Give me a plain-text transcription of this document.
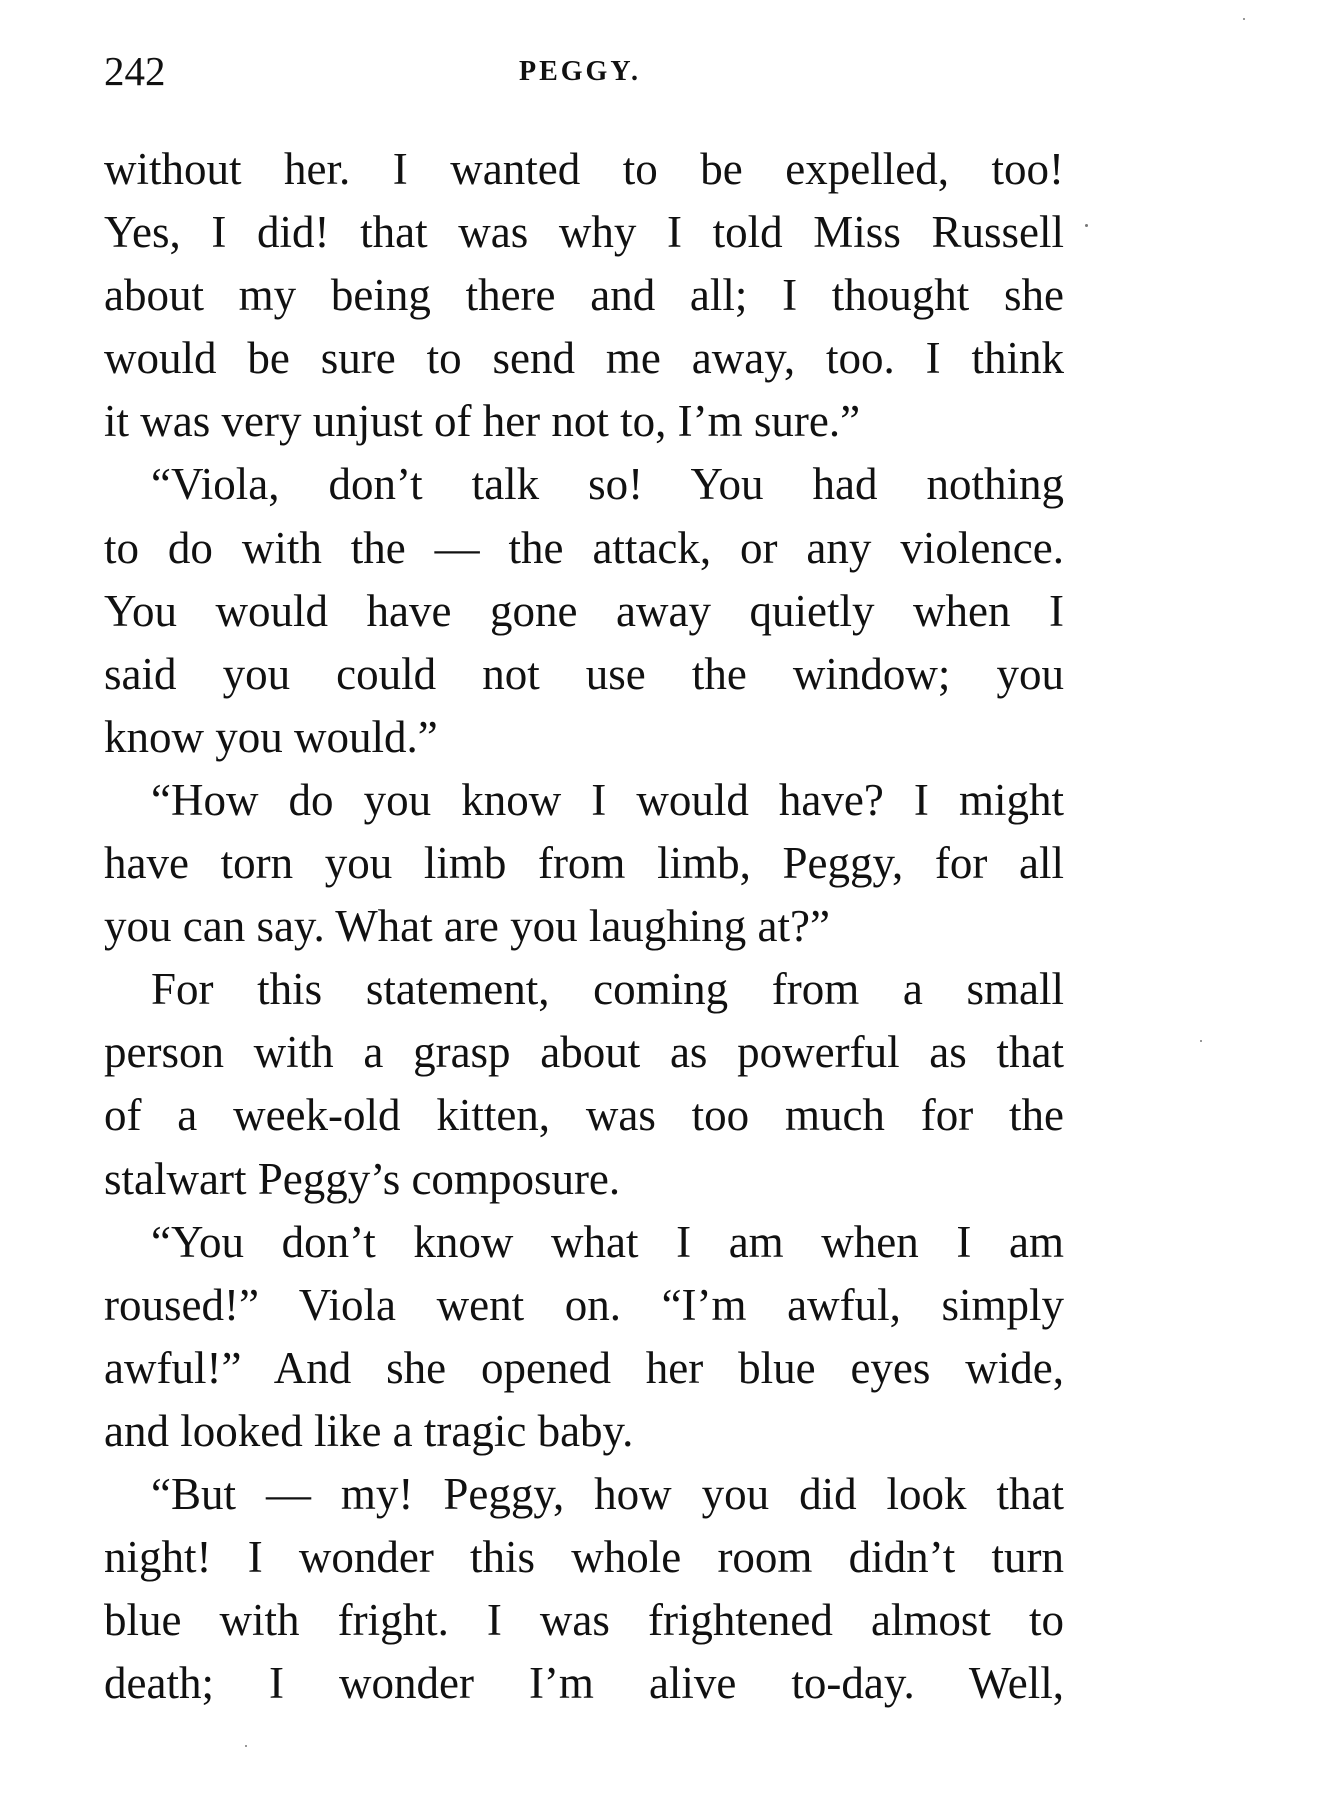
242	PEGGY.
without her. I wanted to be expelled, too!
Yes, I did! that was why I told Miss Russell
about my being there and all; I thought she
would be sure to send me away, too. I think
it was very unjust of her not to, I’m sure.”
“Viola, don’t talk so! You had nothing
to do with the — the attack, or any violence.
You would have gone away quietly when I
said you could not use the window; you
know you would.”
“How do you know I would have? I might
have torn you limb from limb, Peggy, for all
you can say. What are you laughing at?”
For this statement, coming from a small
person with a grasp about as powerful as that
of a week-old kitten, was too much for the
stalwart Peggy’s composure.
“You don’t know what I am when I am
roused!” Viola went on. “I’m awful, simply
awful!” And she opened her blue eyes wide,
and looked like a tragic baby.
“But — my! Peggy, how you did look that
night! I wonder this whole room didn’t turn
blue with fright. I was frightened almost to
death; I wonder I’m alive to-day. Well,
